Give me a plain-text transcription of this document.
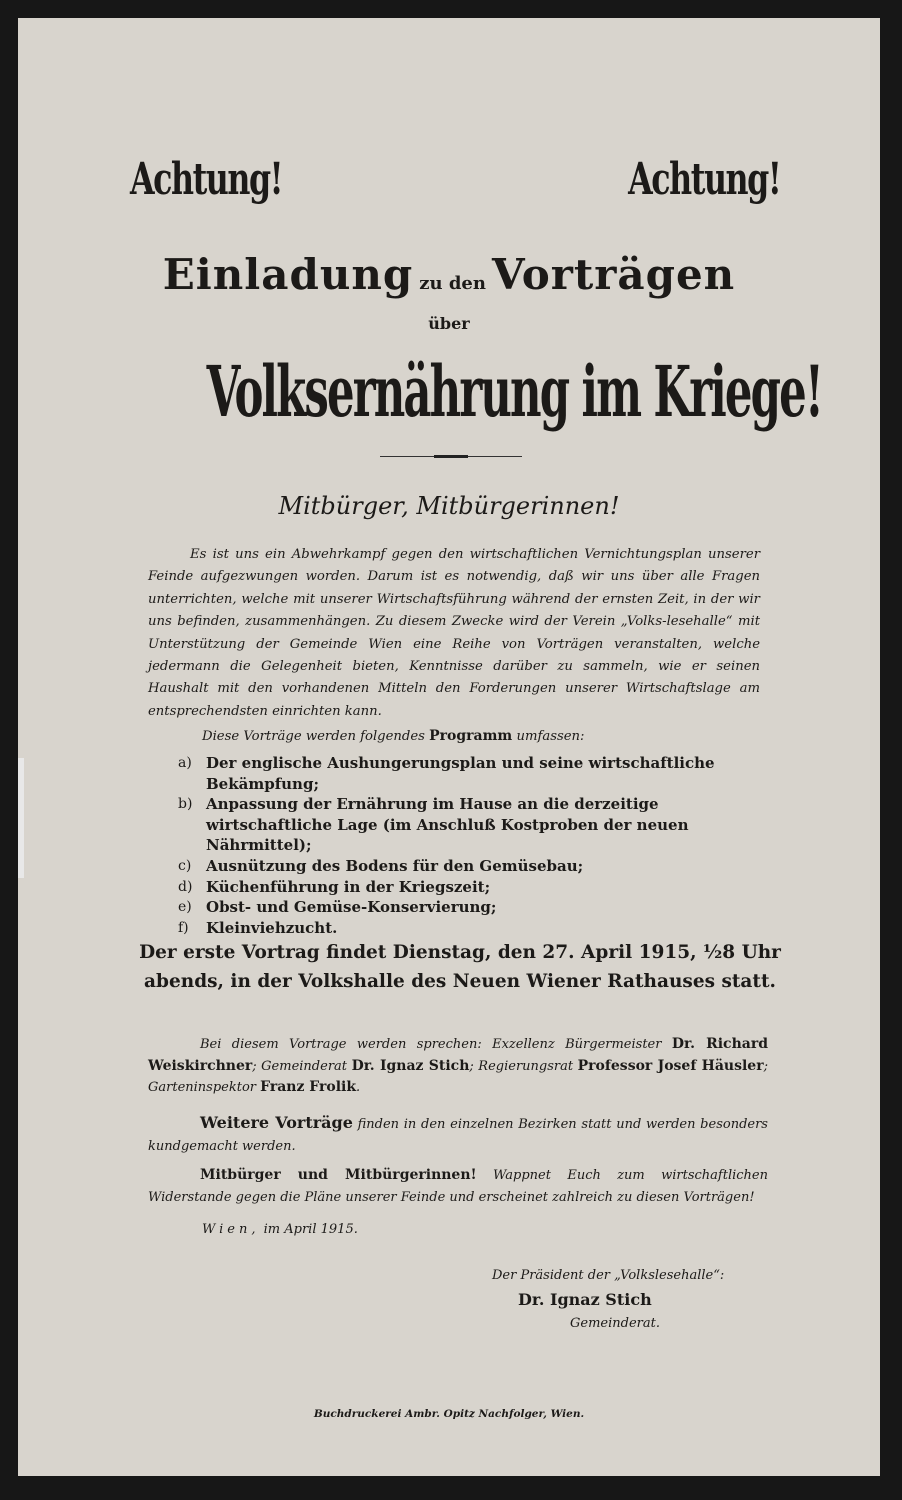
Achtung!	Achtung!
Einladung zu den Vorträgen
über
Volksernährung im Kriege!
Mitbürger, Mitbürgerinnen!
Es ist uns ein Abwehrkampf gegen den wirtschaftlichen Vernichtungsplan unserer Feinde aufgezwungen worden. Darum ist es notwendig, daß wir uns über alle Fragen unterrichten, welche mit unserer Wirtschaftsführung während der ernsten Zeit, in der wir uns befinden, zusammenhängen. Zu diesem Zwecke wird der Verein „Volks-lesehalle“ mit Unterstützung der Gemeinde Wien eine Reihe von Vorträgen veranstalten, welche jedermann die Gelegenheit bieten, Kenntnisse darüber zu sammeln, wie er seinen Haushalt mit den vorhandenen Mitteln den Forderungen unserer Wirtschaftslage am entsprechendsten einrichten kann.
Diese Vorträge werden folgendes Programm umfassen:
a) Der englische Aushungerungsplan und seine wirtschaftliche Bekämpfung;
b) Anpassung der Ernährung im Hause an die derzeitige wirtschaftliche Lage (im Anschluß Kostproben der neuen Nährmittel);
c) Ausnützung des Bodens für den Gemüsebau;
d) Küchenführung in der Kriegszeit;
e) Obst- und Gemüse-Konservierung;
f) Kleinviehzucht.
Der erste Vortrag findet Dienstag, den 27. April 1915, ½8 Uhr abends, in der Volkshalle des Neuen Wiener Rathauses statt.
Bei diesem Vortrage werden sprechen: Exzellenz Bürgermeister Dr. Richard Weiskirchner; Gemeinderat Dr. Ignaz Stich; Regierungsrat Professor Josef Häusler; Garteninspektor Franz Frolik.
Weitere Vorträge finden in den einzelnen Bezirken statt und werden besonders kundgemacht werden.
Mitbürger und Mitbürgerinnen! Wappnet Euch zum wirtschaftlichen Widerstande gegen die Pläne unserer Feinde und erscheinet zahlreich zu diesen Vorträgen!
Wien, im April 1915.
Der Präsident der „Volkslesehalle“:
Dr. Ignaz Stich
Gemeinderat.
Buchdruckerei Ambr. Opitz Nachfolger, Wien.
